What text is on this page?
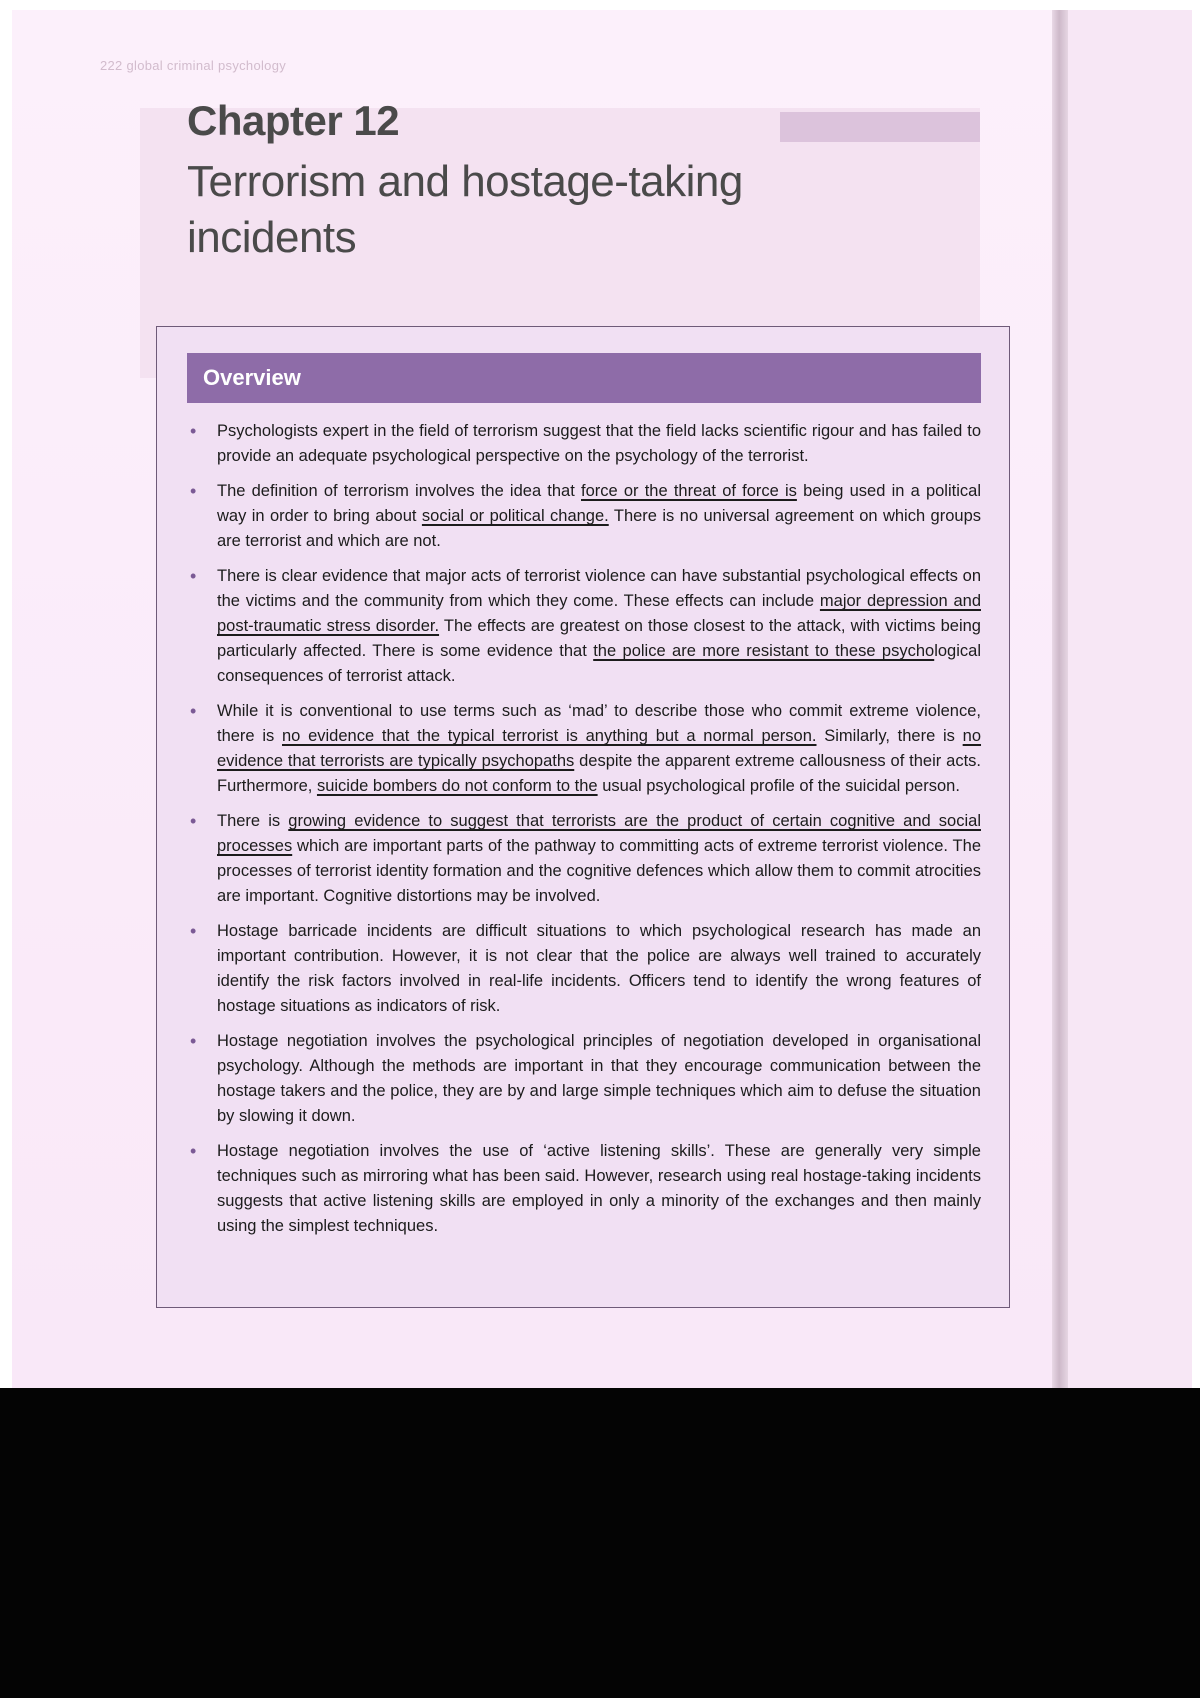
222 global criminal psychology
Chapter 12
Terrorism and hostage-taking incidents
Overview
• Psychologists expert in the field of terrorism suggest that the field lacks scientific rigour and has failed to provide an adequate psychological perspective on the psychology of the terrorist.
• The definition of terrorism involves the idea that force or the threat of force is being used in a political way in order to bring about social or political change. There is no universal agreement on which groups are terrorist and which are not.
• There is clear evidence that major acts of terrorist violence can have substantial psychological effects on the victims and the community from which they come. These effects can include major depression and post-traumatic stress disorder. The effects are greatest on those closest to the attack, with victims being particularly affected. There is some evidence that the police are more resistant to these psychological consequences of terrorist attack.
• While it is conventional to use terms such as ‘mad’ to describe those who commit extreme violence, there is no evidence that the typical terrorist is anything but a normal person. Similarly, there is no evidence that terrorists are typically psychopaths despite the apparent extreme callousness of their acts. Furthermore, suicide bombers do not conform to the usual psychological profile of the suicidal person.
• There is growing evidence to suggest that terrorists are the product of certain cognitive and social processes which are important parts of the pathway to committing acts of extreme terrorist violence. The processes of terrorist identity formation and the cognitive defences which allow them to commit atrocities are important. Cognitive distortions may be involved.
• Hostage barricade incidents are difficult situations to which psychological research has made an important contribution. However, it is not clear that the police are always well trained to accurately identify the risk factors involved in real-life incidents. Officers tend to identify the wrong features of hostage situations as indicators of risk.
• Hostage negotiation involves the psychological principles of negotiation developed in organisational psychology. Although the methods are important in that they encourage communication between the hostage takers and the police, they are by and large simple techniques which aim to defuse the situation by slowing it down.
• Hostage negotiation involves the use of ‘active listening skills’. These are generally very simple techniques such as mirroring what has been said. However, research using real hostage-taking incidents suggests that active listening skills are employed in only a minority of the exchanges and then mainly using the simplest techniques.
